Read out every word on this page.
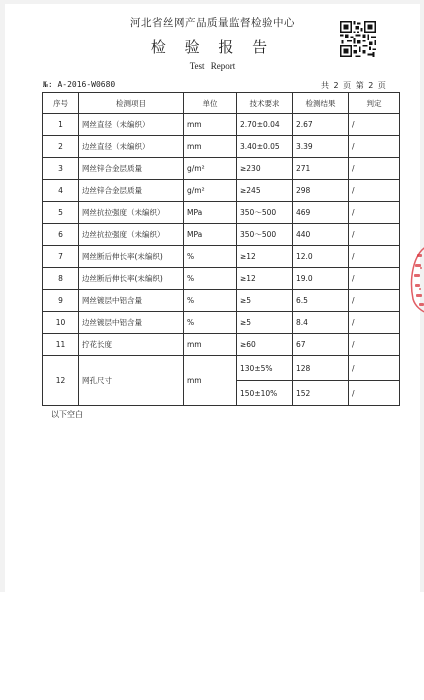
河北省丝网产品质量监督检验中心
检 验 报 告
Test Report
№: A-2016-W0680	共 2 页 第 2 页
序号	检测项目	单位	技术要求	检测结果	判定
1	网丝直径（未编织）	mm	2.70±0.04	2.67	/
2	边丝直径（未编织）	mm	3.40±0.05	3.39	/
3	网丝锌合金层质量	g/m²	≥230	271	/
4	边丝锌合金层质量	g/m²	≥245	298	/
5	网丝抗拉强度（未编织）	MPa	350～500	469	/
6	边丝抗拉强度（未编织）	MPa	350～500	440	/
7	网丝断后伸长率(未编织)	%	≥12	12.0	/
8	边丝断后伸长率(未编织)	%	≥12	19.0	/
9	网丝镀层中铝含量	%	≥5	6.5	/
10	边丝镀层中铝含量	%	≥5	8.4	/
11	拧花长度	mm	≥60	67	/
12	网孔尺寸	mm	130±5%	128	/
			150±10%	152	/
以下空白
